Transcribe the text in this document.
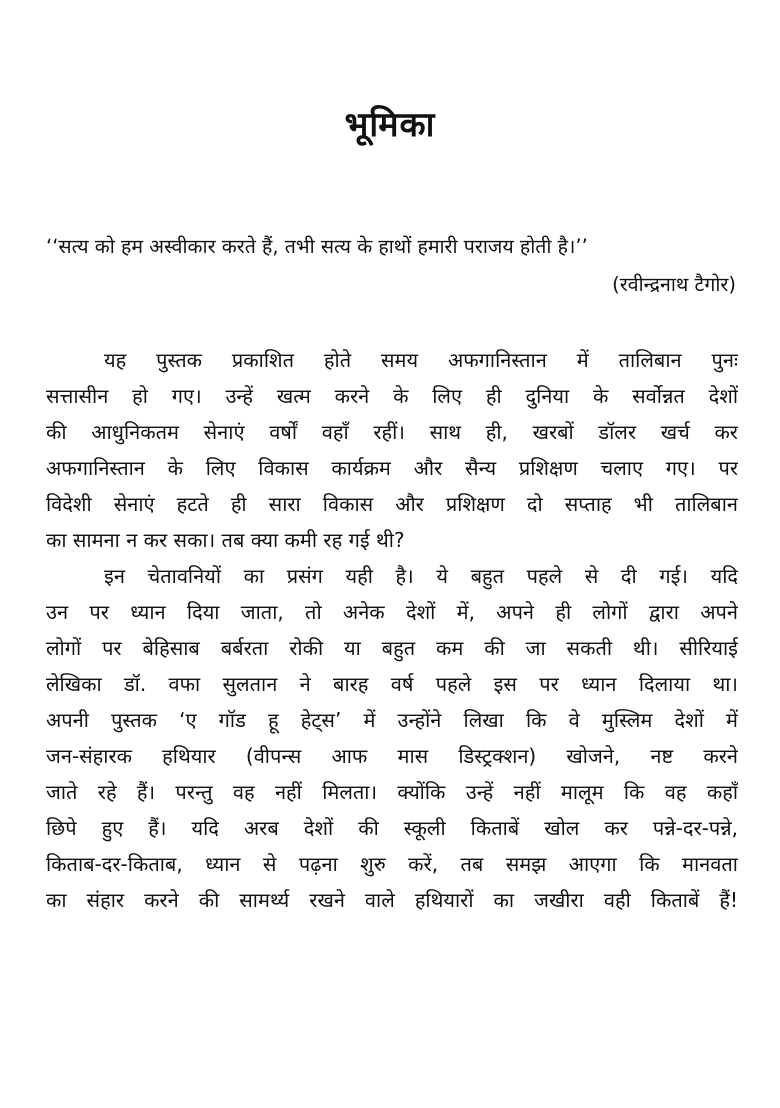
भूमिका
‘‘सत्य को हम अस्वीकार करते हैं, तभी सत्य के हाथों हमारी पराजय होती है।’’
(रवीन्द्रनाथ टैगोर)
यह पुस्तक प्रकाशित होते समय अफगानिस्तान में तालिबान पुनः
सत्तासीन हो गए। उन्हें खत्म करने के लिए ही दुनिया के सर्वोन्नत देशों
की आधुनिकतम सेनाएं वर्षों वहाँ रहीं। साथ ही, खरबों डॉलर खर्च कर
अफगानिस्तान के लिए विकास कार्यक्रम और सैन्य प्रशिक्षण चलाए गए। पर
विदेशी सेनाएं हटते ही सारा विकास और प्रशिक्षण दो सप्ताह भी तालिबान
का सामना न कर सका। तब क्या कमी रह गई थी?
इन चेतावनियों का प्रसंग यही है। ये बहुत पहले से दी गई। यदि
उन पर ध्यान दिया जाता, तो अनेक देशों में, अपने ही लोगों द्वारा अपने
लोगों पर बेहिसाब बर्बरता रोकी या बहुत कम की जा सकती थी। सीरियाई
लेखिका डॉ. वफा सुलतान ने बारह वर्ष पहले इस पर ध्यान दिलाया था।
अपनी पुस्तक ‘ए गॉड हू हेट्स’ में उन्होंने लिखा कि वे मुस्लिम देशों में
जन-संहारक हथियार (वीपन्स आफ मास डिस्ट्रक्शन) खोजने, नष्ट करने
जाते रहे हैं। परन्तु वह नहीं मिलता। क्योंकि उन्हें नहीं मालूम कि वह कहाँ
छिपे हुए हैं। यदि अरब देशों की स्कूली किताबें खोल कर पन्ने-दर-पन्ने,
किताब-दर-किताब, ध्यान से पढ़ना शुरु करें, तब समझ आएगा कि मानवता
का संहार करने की सामर्थ्य रखने वाले हथियारों का जखीरा वही किताबें हैं!
